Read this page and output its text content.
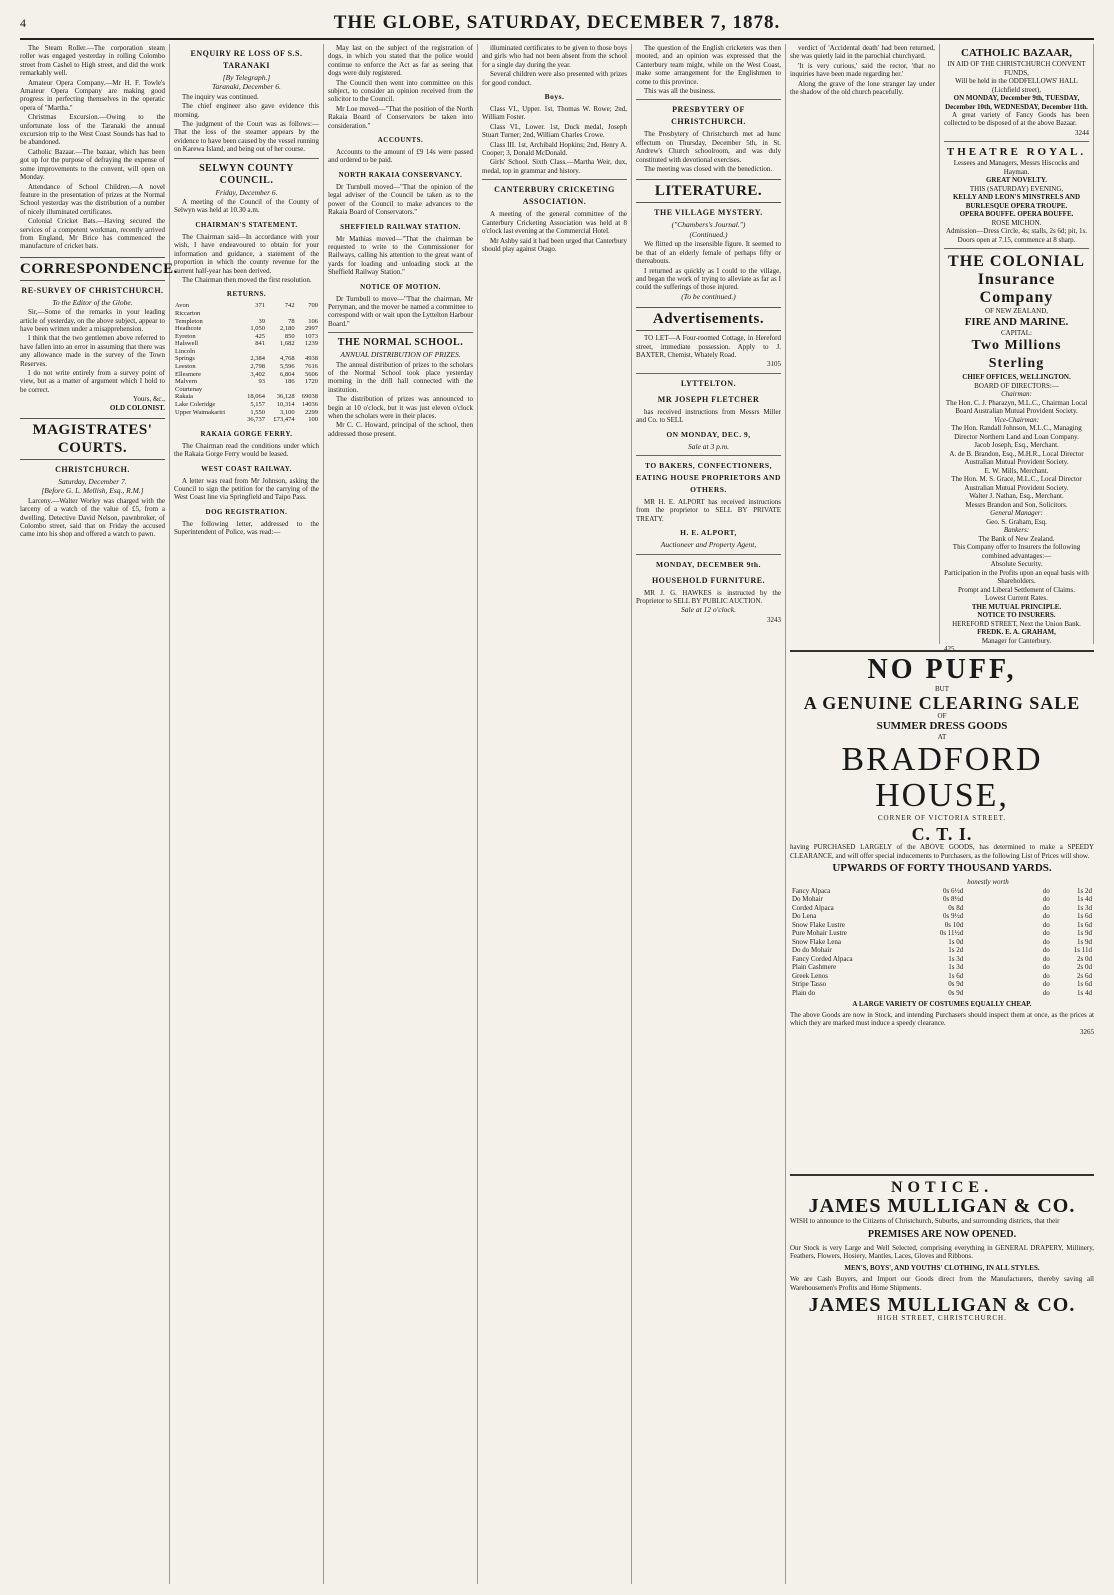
4	THE GLOBE, SATURDAY, DECEMBER 7, 1878.

The Steam Roller.—The corporation steam roller was engaged yesterday in rolling Colombo street from Cashel to High street, and did the work remarkably well.

Amateur Opera Company.—Mr H. F. Towle's Amateur Opera Company are making good progress in perfecting themselves in the operatic opera of "Martha."

Christmas Excursion.—Owing to the unfortunate loss of the Taranaki the annual excursion trip to the West Coast Sounds has had to be abandoned.

Catholic Bazaar.—The bazaar, which has been got up for the purpose of defraying the expense of some improvements to the convent, will open on Monday.

Attendance of School Children.—A novel feature in the presentation of prizes at the Normal School yesterday was the distribution of a number of nicely illuminated certificates.

Colonial Cricket Bats.—Having secured the services of a competent workman, recently arrived from England, Mr Brice has commenced the manufacture of cricket bats.

CORRESPONDENCE.
RE-SURVEY OF CHRISTCHURCH.
To the Editor of the Globe.

Sir,—Some of the remarks in your leading article of yesterday, on the above subject, appear to have been written under a misapprehension.

I think that the two gentlemen above referred to have fallen into an error in assuming that there was any allowance made in the survey of the Town Reserves.

I do not write entirely from a survey point of view, but as a matter of argument which I hold to be correct.

Yours, &c.,
OLD COLONIST.
MAGISTRATES' COURTS.
CHRISTCHURCH.
Saturday, December 7.
[Before G. L. Mellish, Esq., R.M.]

Larceny.—Walter Worley was charged with the larceny of a watch of the value of £5, from a dwelling. Detective David Nelson, pawnbroker, of Colombo street, said that on Friday the accused came into his shop and offered a watch to pawn.

ENQUIRY RE LOSS OF S.S. TARANAKI
[By Telegraph.]
Taranaki, December 6.

The inquiry was continued.

The chief engineer also gave evidence this morning.

The judgment of the Court was as follows:—That the loss of the steamer appears by the evidence to have been caused by the vessel running on Karewa Island, and being out of her course.

SELWYN COUNTY COUNCIL.
Friday, December 6.

A meeting of the Council of the County of Selwyn was held at 10.30 a.m.

CHAIRMAN'S STATEMENT.

The Chairman said—In accordance with your wish, I have endeavoured to obtain for your information and guidance, a statement of the proportion in which the county revenue for the current half-year has been derived.

The Chairman then moved the first resolution.

RETURNS.
Avon	371	742	700
Riccarton			
Templeton	39	78	106
Heathcote	1,050	2,180	2997
Eyreton	425	850	1073
Halswell	841	1,682	1239
Lincoln			
Springs	2,384	4,768	4938
Leeston	2,798	5,596	7616
Ellesmere	3,402	6,804	5606
Malvern	93	186	1720
Courtenay			
Rakaia	18,064	36,128	69038
Lake Coleridge	5,157	10,314	14036
Upper Waimakariri	1,550	3,100	2299
	36,737	£73,474	100
RAKAIA GORGE FERRY.

The Chairman read the conditions under which the Rakaia Gorge Ferry would be leased.

WEST COAST RAILWAY.

A letter was read from Mr Johnson, asking the Council to sign the petition for the carrying of the West Coast line via Springfield and Taipo Pass.

DOG REGISTRATION.

The following letter, addressed to the Superintendent of Police, was read:—

May last on the subject of the registration of dogs, in which you stated that the police would continue to enforce the Act as far as seeing that dogs were duly registered.

The Council then went into committee on this subject, to consider an opinion received from the solicitor to the Council.

Mr Loe moved—"That the position of the North Rakaia Board of Conservators be taken into consideration."

ACCOUNTS.

Accounts to the amount of £9 14s were passed and ordered to be paid.

NORTH RAKAIA CONSERVANCY.

Dr Turnbull moved—"That the opinion of the legal adviser of the Council be taken as to the power of the Council to make advances to the Rakaia Board of Conservators."

SHEFFIELD RAILWAY STATION.

Mr Mathias moved—"That the chairman be requested to write to the Commissioner for Railways, calling his attention to the great want of yards for loading and unloading stock at the Sheffield Railway Station."

NOTICE OF MOTION.

Dr Turnbull to move—"That the chairman, Mr Perryman, and the mover be named a committee to correspond with or wait upon the Lyttelton Harbour Board."

THE NORMAL SCHOOL.
ANNUAL DISTRIBUTION OF PRIZES.

The annual distribution of prizes to the scholars of the Normal School took place yesterday morning in the drill hall connected with the institution.

The distribution of prizes was announced to begin at 10 o'clock, but it was just eleven o'clock when the scholars were in their places.

Mr C. C. Howard, principal of the school, then addressed those present.

illuminated certificates to be given to those boys and girls who had not been absent from the school for a single day during the year.

Several children were also presented with prizes for good conduct.

Boys.

Class VI., Upper. 1st, Thomas W. Rowe; 2nd, William Foster.

Class VI., Lower. 1st, Duck medal, Joseph Stuart Turner; 2nd, William Charles Crowe.

Class III. 1st, Archibald Hopkins; 2nd, Henry A. Cooper; 3, Donald McDonald.

Girls' School. Sixth Class.—Martha Weir, dux, medal, top in grammar and history.

CANTERBURY CRICKETING ASSOCIATION.

A meeting of the general committee of the Canterbury Cricketing Association was held at 8 o'clock last evening at the Commercial Hotel.

Mr Ashby said it had been urged that Canterbury should play against Otago.

The question of the English cricketers was then mooted, and an opinion was expressed that the Canterbury team might, while on the West Coast, make some arrangement for the Englishmen to come to this province.

This was all the business.

PRESBYTERY OF CHRISTCHURCH.

The Presbytery of Christchurch met ad hunc effectum on Thursday, December 5th, in St. Andrew's Church schoolroom, and was duly constituted with devotional exercises.

The meeting was closed with the benediction.

LITERATURE.
THE VILLAGE MYSTERY.
("Chambers's Journal.")
(Continued.)

We flitted up the insensible figure. It seemed to be that of an elderly female of perhaps fifty or thereabouts.

I returned as quickly as I could to the village, and began the work of trying to alleviate as far as I could the sufferings of those injured.

(To be continued.)
Advertisements.

TO LET—A Four-roomed Cottage, in Hereford street, immediate possession. Apply to J. BAXTER, Chemist, Whately Road.

3105
LYTTELTON.
MR JOSEPH FLETCHER

has received instructions from Messrs Miller and Co. to SELL

ON MONDAY, DEC. 9,
Sale at 3 p.m.
TO BAKERS, CONFECTIONERS, EATING HOUSE PROPRIETORS AND OTHERS.

MR H. E. ALPORT has received instructions from the proprietor to SELL BY PRIVATE TREATY.

H. E. ALPORT,
Auctioneer and Property Agent,
MONDAY, DECEMBER 9th.
HOUSEHOLD FURNITURE.

MR J. G. HAWKES is instructed by the Proprietor to SELL BY PUBLIC AUCTION.

Sale at 12 o'clock.
3243

verdict of 'Accidental death' had been returned, she was quietly laid in the parochial churchyard.

'It is very curious,' said the rector, 'that no inquiries have been made regarding her.'

Along the grave of the lone stranger lay under the shadow of the old church peacefully.

CATHOLIC BAZAAR,
IN AID OF THE CHRISTCHURCH CONVENT FUNDS,
Will be held in the ODDFELLOWS' HALL (Lichfield street),
ON MONDAY, December 9th, TUESDAY, December 10th, WEDNESDAY, December 11th.

A great variety of Fancy Goods has been collected to be disposed of at the above Bazaar.

3244
THEATRE ROYAL.
Lessees and Managers, Messrs Hiscocks and Hayman.
GREAT NOVELTY.
THIS (SATURDAY) EVENING,
KELLY AND LEON'S MINSTRELS AND BURLESQUE OPERA TROUPE.
OPERA BOUFFE. OPERA BOUFFE.
ROSE MICHON.
Admission—Dress Circle, 4s; stalls, 2s 6d; pit, 1s. Doors open at 7.15, commence at 8 sharp.
THE COLONIAL
Insurance Company
OF NEW ZEALAND,
FIRE AND MARINE.
CAPITAL:
Two Millions Sterling
CHIEF OFFICES, WELLINGTON.
BOARD OF DIRECTORS:—
Chairman:
The Hon. C. J. Pharazyn, M.L.C., Chairman Local Board Australian Mutual Provident Society.
Vice-Chairman:
The Hon. Randall Johnson, M.L.C., Managing Director Northern Land and Loan Company.
Jacob Joseph, Esq., Merchant.
A. de B. Brandon, Esq., M.H.R., Local Director Australian Mutual Provident Society.
E. W. Mills, Merchant.
The Hon. M. S. Grace, M.L.C., Local Director Australian Mutual Provident Society.
Walter J. Nathan, Esq., Merchant.
Messrs Brandon and Son, Solicitors.
General Manager:
Geo. S. Graham, Esq.
Bankers:
The Bank of New Zealand.
This Company offer to Insurers the following combined advantages:—
Absolute Security.
Participation in the Profits upon an equal basis with Shareholders.
Prompt and Liberal Settlement of Claims.
Lowest Current Rates.
THE MUTUAL PRINCIPLE.
NOTICE TO INSURERS.
HEREFORD STREET, Next the Union Bank.
FREDK. E. A. GRAHAM,
Manager for Canterbury.
425
NO PUFF,
BUT
A GENUINE CLEARING SALE
OF
SUMMER DRESS GOODS
AT
BRADFORD HOUSE,
CORNER OF VICTORIA STREET.
C. T. I.

having PURCHASED LARGELY of the ABOVE GOODS, has determined to make a SPEEDY CLEARANCE, and will offer special inducements to Purchasers, as the following List of Prices will show.

UPWARDS OF FORTY THOUSAND YARDS.
		honestly worth	
Fancy Alpaca	0s 6½d	do	1s 2d
Do Mohair	0s 8½d	do	1s 4d
Corded Alpaca	0s 8d	do	1s 3d
Do Lena	0s 9½d	do	1s 6d
Snow Flake Lustre	0s 10d	do	1s 6d
Pure Mohair Lustre	0s 11½d	do	1s 9d
Snow Flake Lena	1s 0d	do	1s 9d
Do do Mohair	1s 2d	do	1s 11d
Fancy Corded Alpaca	1s 3d	do	2s 0d
Plain Cashmere	1s 3d	do	2s 0d
Greek Lenos	1s 6d	do	2s 6d
Stripe Tasso	0s 9d	do	1s 6d
Plain do	0s 9d	do	1s 4d
A LARGE VARIETY OF COSTUMES EQUALLY CHEAP.

The above Goods are now in Stock, and intending Purchasers should inspect them at once, as the prices at which they are marked must induce a speedy clearance.

3265
NOTICE.
JAMES MULLIGAN & CO.

WISH to announce to the Citizens of Christchurch, Suburbs, and surrounding districts, that their

PREMISES ARE NOW OPENED.

Our Stock is very Large and Well Selected, comprising everything in GENERAL DRAPERY, Millinery, Feathers, Flowers, Hosiery, Mantles, Laces, Gloves and Ribbons.

MEN'S, BOYS', AND YOUTHS' CLOTHING, IN ALL STYLES.

We are Cash Buyers, and Import our Goods direct from the Manufacturers, thereby saving all Warehousemen's Profits and Home Shipments.

JAMES MULLIGAN & CO.
HIGH STREET, CHRISTCHURCH.
